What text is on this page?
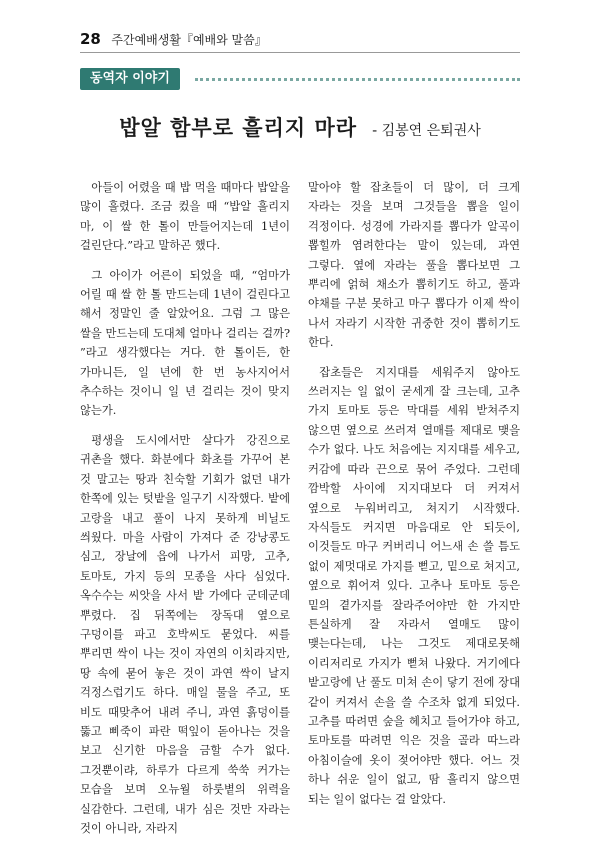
28 주간예배생활『예배와 말씀』
동역자 이야기
밥알 함부로 흘리지 마라 - 김봉연 은퇴권사

아들이 어렸을 때 밥 먹을 때마다 밥알을 많이 흘렸다. 조금 컸을 때 “밥알 흘리지 마, 이 쌀 한 톨이 만들어지는데 1년이 걸린단다.”라고 말하곤 했다.

그 아이가 어른이 되었을 때, “엄마가 어릴 때 쌀 한 톨 만드는데 1년이 걸린다고 해서 정말인 줄 알았어요. 그럼 그 많은 쌀을 만드는데 도대체 얼마나 걸리는 걸까? ”라고 생각했다는 거다. 한 톨이든, 한 가마니든, 일 년에 한 번 농사지어서 추수하는 것이니 일 년 걸리는 것이 맞지 않는가.

평생을 도시에서만 살다가 강진으로 귀촌을 했다. 화분에다 화초를 가꾸어 본 것 말고는 땅과 친숙할 기회가 없던 내가 한쪽에 있는 텃밭을 일구기 시작했다. 밭에 고랑을 내고 풀이 나지 못하게 비닐도 씌웠다. 마을 사람이 가져다 준 강낭콩도 심고, 장날에 읍에 나가서 피망, 고추, 토마토, 가지 등의 모종을 사다 심었다. 옥수수는 씨앗을 사서 밭 가에다 군데군데 뿌렸다. 집 뒤쪽에는 장독대 옆으로 구덩이를 파고 호박씨도 묻었다. 씨를 뿌리면 싹이 나는 것이 자연의 이치라지만, 땅 속에 묻어 놓은 것이 과연 싹이 날지 걱정스럽기도 하다. 매일 물을 주고, 또 비도 때맞추어 내려 주니, 과연 흙덩이를 뚫고 삐죽이 파란 떡잎이 돋아나는 것을 보고 신기한 마음을 금할 수가 없다. 그것뿐이랴, 하루가 다르게 쑥쑥 커가는 모습을 보며 오뉴월 하룻볕의 위력을 실감한다. 그런데, 내가 심은 것만 자라는 것이 아니라, 자라지

말아야 할 잡초들이 더 많이, 더 크게 자라는 것을 보며 그것들을 뽑을 일이 걱정이다. 성경에 가라지를 뽑다가 알곡이 뽑힐까 염려한다는 말이 있는데, 과연 그렇다. 옆에 자라는 풀을 뽑다보면 그 뿌리에 얽혀 채소가 뽑히기도 하고, 풀과 야채를 구분 못하고 마구 뽑다가 이제 싹이 나서 자라기 시작한 귀중한 것이 뽑히기도 한다.

잡초들은 지지대를 세워주지 않아도 쓰러지는 일 없이 굳세게 잘 크는데, 고추 가지 토마토 등은 막대를 세워 받쳐주지 않으면 옆으로 쓰러져 열매를 제대로 맺을 수가 없다. 나도 처음에는 지지대를 세우고, 커감에 따라 끈으로 묶어 주었다. 그런데 깜박할 사이에 지지대보다 더 커져서 옆으로 누워버리고, 쳐지기 시작했다. 자식들도 커지면 마음대로 안 되듯이, 이것들도 마구 커버리니 어느새 손 쓸 틈도 없이 제멋대로 가지를 뻗고, 밑으로 쳐지고, 옆으로 휘어져 있다. 고추나 토마토 등은 밑의 곁가지를 잘라주어야만 한 가지만 튼실하게 잘 자라서 열매도 많이 맺는다는데, 나는 그것도 제대로못해 이리저리로 가지가 뻗쳐 나왔다. 거기에다 밭고랑에 난 풀도 미쳐 손이 닿기 전에 장대 같이 커져서 손을 쓸 수조차 없게 되었다. 고추를 따려면 숲을 헤치고 들어가야 하고, 토마토를 따려면 익은 것을 골라 따느라 아침이슬에 옷이 젖어야만 했다. 어느 것 하나 쉬운 일이 없고, 땀 흘리지 않으면 되는 일이 없다는 걸 알았다.
